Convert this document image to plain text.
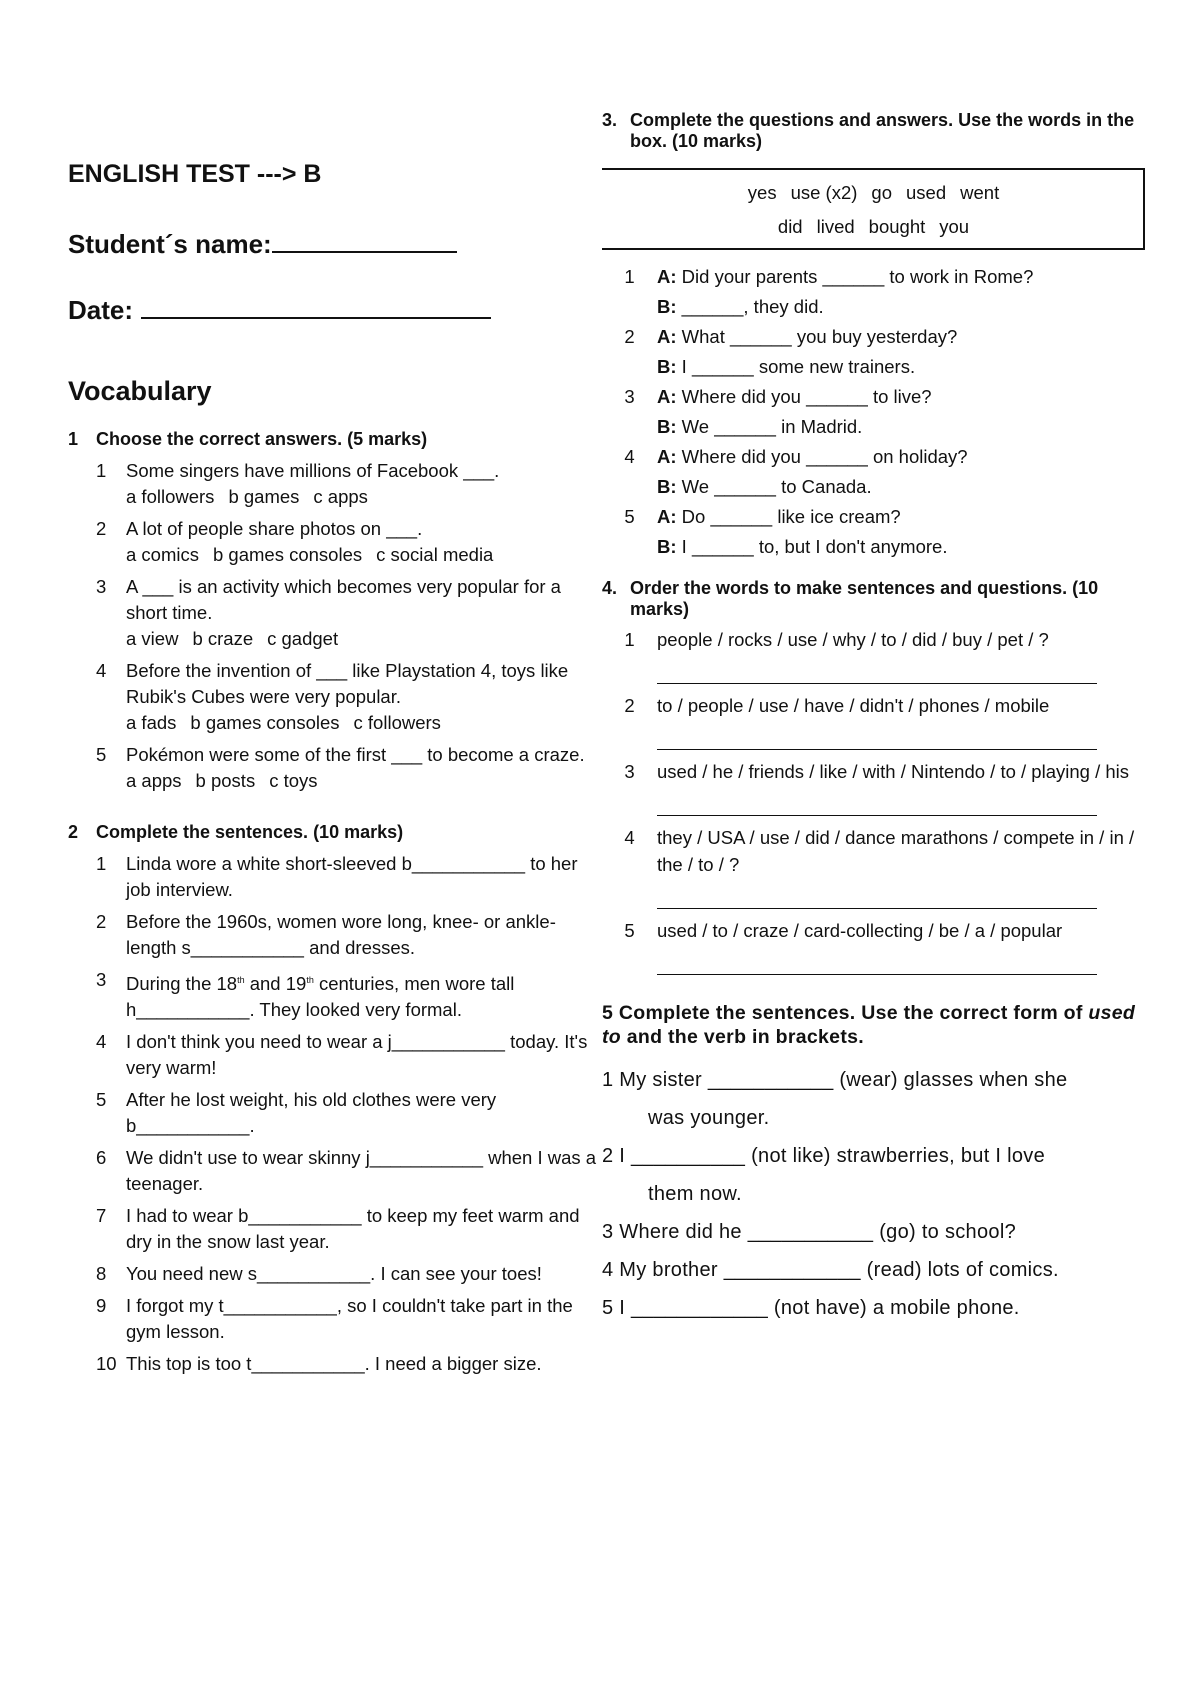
ENGLISH TEST ---> B
Student´s name:
Date:
Vocabulary
1 Choose the correct answers. (5 marks)
1	Some singers have millions of Facebook ___.
a followers b games c apps
2	A lot of people share photos on ___.
a comics b games consoles c social media
3	A ___ is an activity which becomes very popular for a short time.
a view b craze c gadget
4	Before the invention of ___ like Playstation 4, toys like Rubik's Cubes were very popular.
a fads b games consoles c followers
5	Pokémon were some of the first ___ to become a craze.
a apps b posts c toys
2 Complete the sentences. (10 marks)
1	Linda wore a white short-sleeved b___________ to her job interview.
2	Before the 1960s, women wore long, knee- or ankle-length s___________ and dresses.
3	During the 18th and 19th centuries, men wore tall h___________. They looked very formal.
4	I don't think you need to wear a j___________ today. It's very warm!
5	After he lost weight, his old clothes were very b___________.
6	We didn't use to wear skinny j___________ when I was a teenager.
7	I had to wear b___________ to keep my feet warm and dry in the snow last year.
8	You need new s___________. I can see your toes!
9	I forgot my t___________, so I couldn't take part in the gym lesson.
10 This top is too t___________. I need a bigger size.
3. Complete the questions and answers. Use the words in the box. (10 marks)
yes use (x2) go used went
did lived bought you
1	A: Did your parents ______ to work in Rome?
B: ______, they did.
2	A: What ______ you buy yesterday?
B: I ______ some new trainers.
3	A: Where did you ______ to live?
B: We ______ in Madrid.
4	A: Where did you ______ on holiday?
B: We ______ to Canada.
5	A: Do ______ like ice cream?
B: I ______ to, but I don't anymore.
4. Order the words to make sentences and questions. (10 marks)
1	people / rocks / use / why / to / did / buy / pet / ?
2	to / people / use / have / didn't / phones / mobile
3	used / he / friends / like / with / Nintendo / to / playing / his
4	they / USA / use / did / dance marathons / compete in / in / the / to / ?
5	used / to / craze / card-collecting / be / a / popular
5 Complete the sentences. Use the correct form of used to and the verb in brackets.
1 My sister ___________ (wear) glasses when she
was younger.
2 I __________ (not like) strawberries, but I love
them now.
3 Where did he ___________ (go) to school?
4 My brother ____________ (read) lots of comics.
5 I ____________ (not have) a mobile phone.
